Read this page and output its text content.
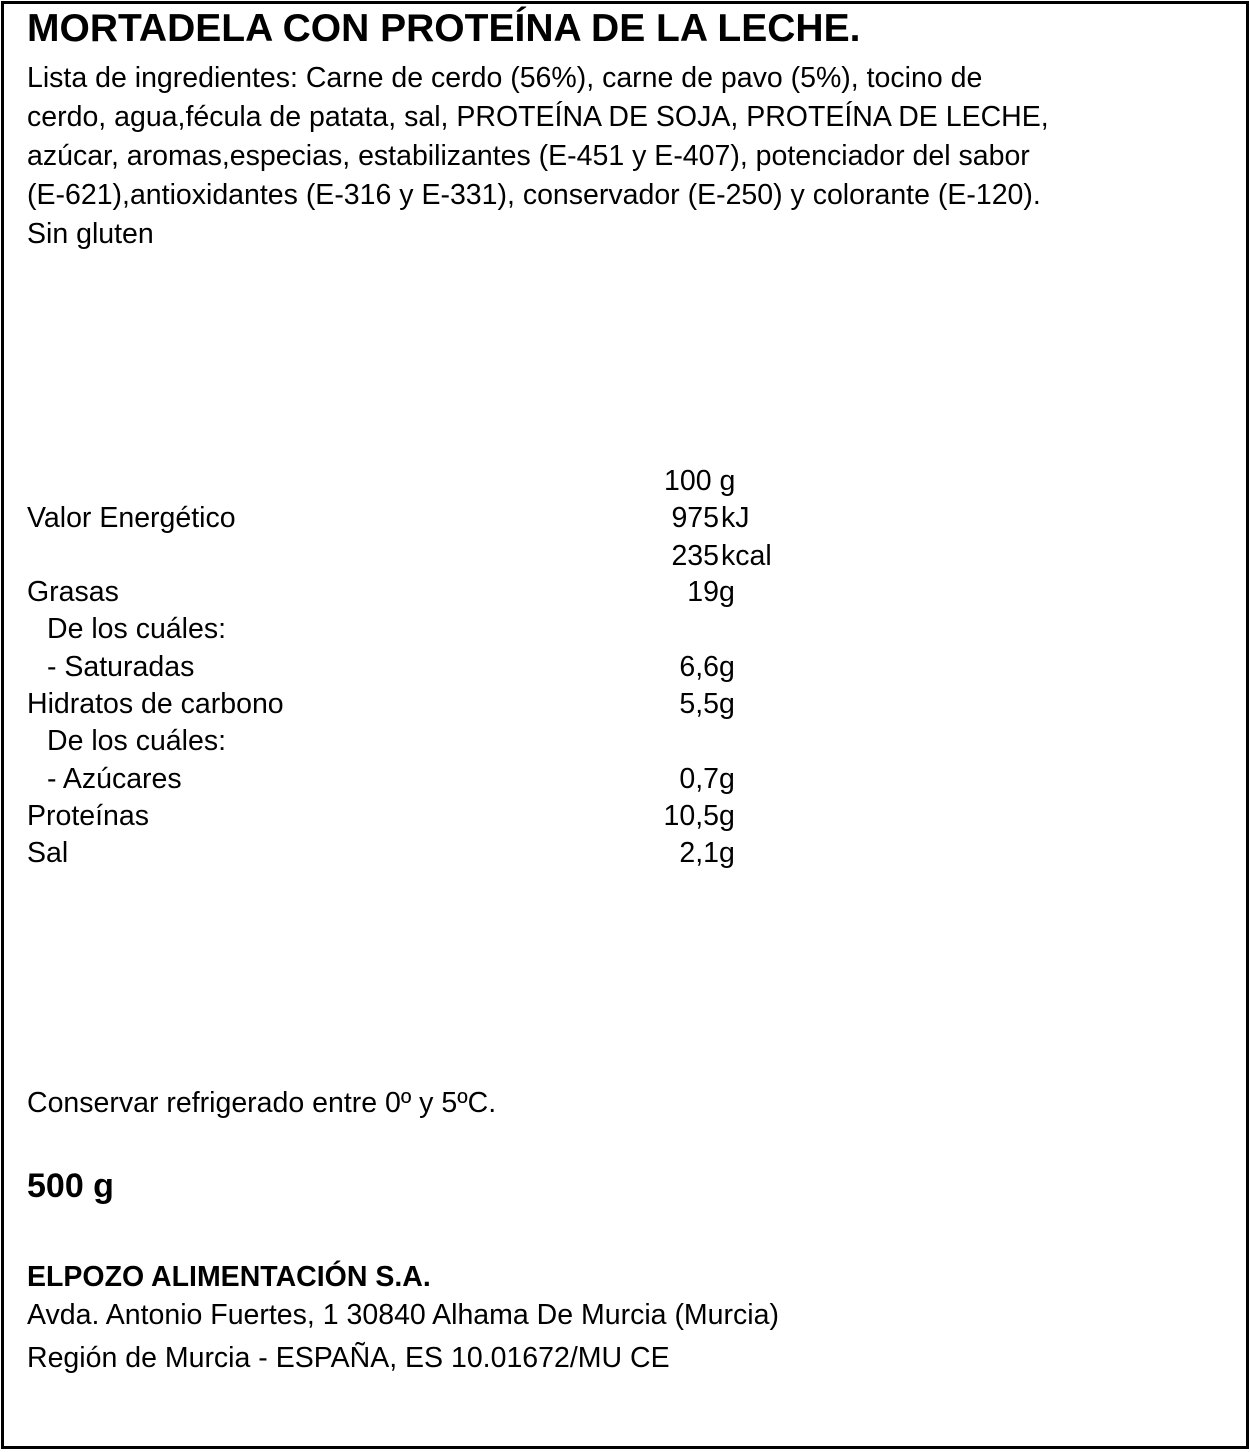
MORTADELA CON PROTEÍNA DE LA LECHE.
Lista de ingredientes: Carne de cerdo (56%), carne de pavo (5%), tocino de
cerdo, agua,fécula de patata, sal, PROTEÍNA DE SOJA, PROTEÍNA DE LECHE,
azúcar, aromas,especias, estabilizantes (E-451 y E-407), potenciador del sabor
(E-621),antioxidantes (E-316 y E-331), conservador (E-250) y colorante (E-120).
Sin gluten
100 g
Valor Energético	975 kJ
235 kcal
Grasas	19 g
De los cuáles:
- Saturadas	6,6 g
Hidratos de carbono	5,5 g
De los cuáles:
- Azúcares	0,7 g
Proteínas	10,5 g
Sal	2,1 g
Conservar refrigerado entre 0º y 5ºC.
500 g
ELPOZO ALIMENTACIÓN S.A.
Avda. Antonio Fuertes, 1 30840 Alhama De Murcia (Murcia)
Región de Murcia - ESPAÑA, ES 10.01672/MU CE
